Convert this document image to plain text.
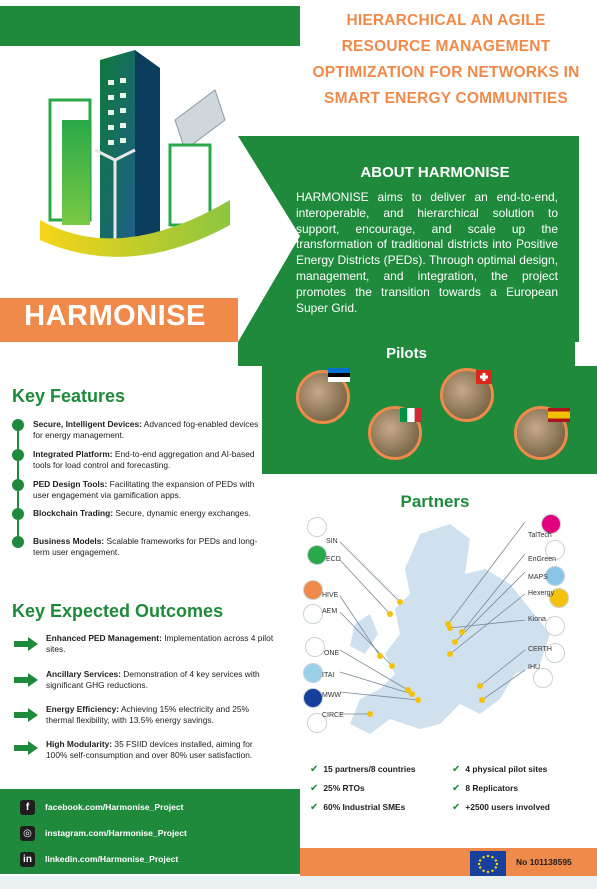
HIERARCHICAL AN AGILE RESOURCE MANAGEMENT OPTIMIZATION FOR NETWORKS IN SMART ENERGY COMMUNITIES
ABOUT HARMONISE
HARMONISE aims to deliver an end-to-end, interoperable, and hierarchical solution to support, encourage, and scale up the transformation of traditional districts into Positive Energy Districts (PEDs). Through optimal design, management, and integration, the project promotes the transition towards a European Super Grid.
HARMONISE
Pilots
Key Features
Secure, Intelligent Devices: Advanced fog-enabled devices for energy management.
Integrated Platform: End-to-end aggregation and AI-based tools for load control and forecasting.
PED Design Tools: Facilitating the expansion of PEDs with user engagement via gamification apps.
Blockchain Trading: Secure, dynamic energy exchanges.
Business Models: Scalable frameworks for PEDs and long-term user engagement.
Key Expected Outcomes
Enhanced PED Management: Implementation across 4 pilot sites.
Ancillary Services: Demonstration of 4 key services with significant GHG reductions.
Energy Efficiency: Achieving 15% electricity and 25% thermal flexibility, with 13.5% energy savings.
High Modularity: 35 FSIID devices installed, aiming for 100% self-consumption and over 80% user satisfaction.
Partners
SIN
ECD
HIVE
AEM
ONE
ITAI
MWW
CIRCE
TalTech
EnGreen
MAPS
Hexergy
Kiona
CERTH
IHU
✔ 15 partners/8 countries	✔ 4 physical pilot sites
✔ 25% RTOs	✔ 8 Replicators
✔ 60% Industrial SMEs	✔ +2500 users involved
f	facebook.com/Harmonise_Project
◎	instagram.com/Harmonise_Project
in	linkedin.com/Harmonise_Project	No 101138595
